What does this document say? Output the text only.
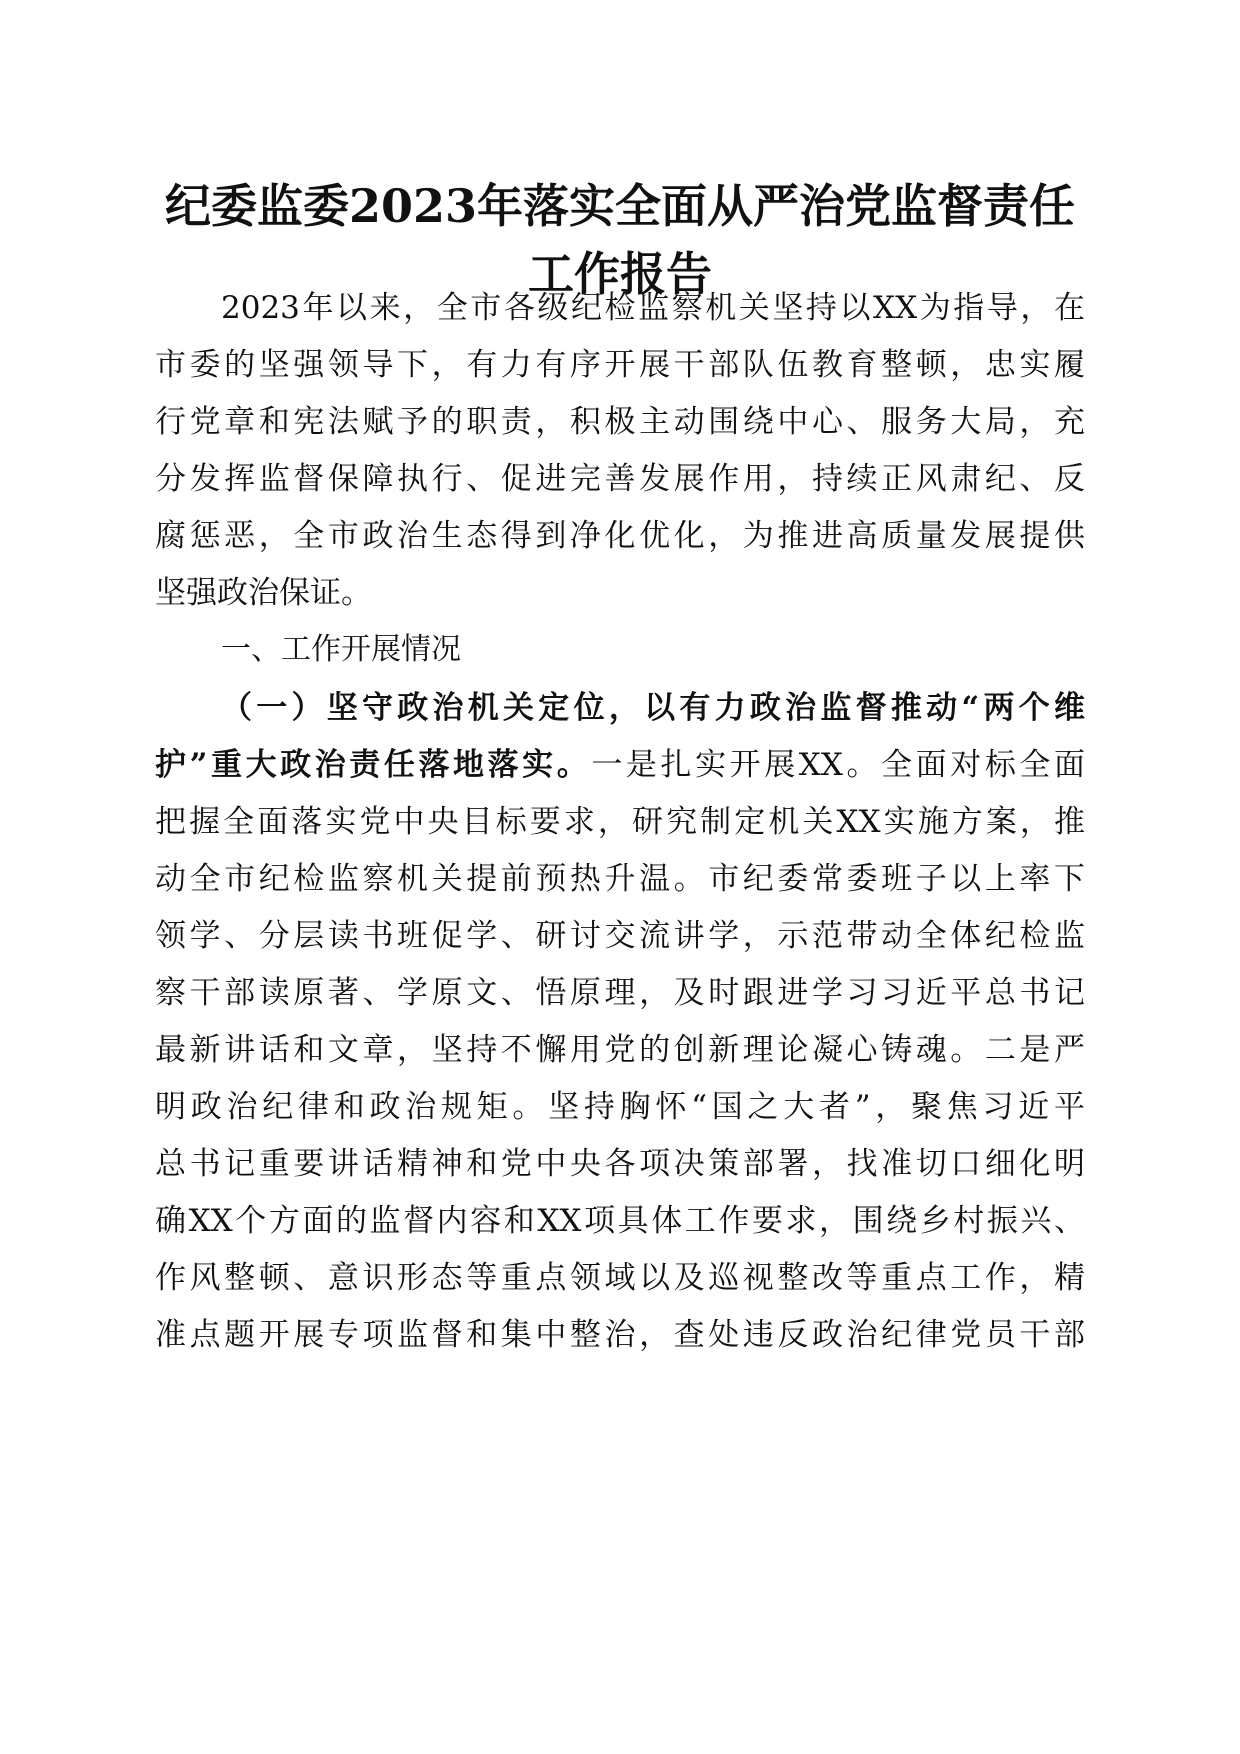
纪委监委2023年落实全面从严治党监督责任
工作报告
2023年以来，全市各级纪检监察机关坚持以XX为指导，在
市委的坚强领导下，有力有序开展干部队伍教育整顿，忠实履
行党章和宪法赋予的职责，积极主动围绕中心、服务大局，充
分发挥监督保障执行、促进完善发展作用，持续正风肃纪、反
腐惩恶，全市政治生态得到净化优化，为推进高质量发展提供
坚强政治保证。
一、工作开展情况
（一）坚守政治机关定位，以有力政治监督推动“两个维
护”重大政治责任落地落实。一是扎实开展XX。全面对标全面
把握全面落实党中央目标要求，研究制定机关XX实施方案，推
动全市纪检监察机关提前预热升温。市纪委常委班子以上率下
领学、分层读书班促学、研讨交流讲学，示范带动全体纪检监
察干部读原著、学原文、悟原理，及时跟进学习习近平总书记
最新讲话和文章，坚持不懈用党的创新理论凝心铸魂。二是严
明政治纪律和政治规矩。坚持胸怀“国之大者”，聚焦习近平
总书记重要讲话精神和党中央各项决策部署，找准切口细化明
确XX个方面的监督内容和XX项具体工作要求，围绕乡村振兴、
作风整顿、意识形态等重点领域以及巡视整改等重点工作，精
准点题开展专项监督和集中整治，查处违反政治纪律党员干部
